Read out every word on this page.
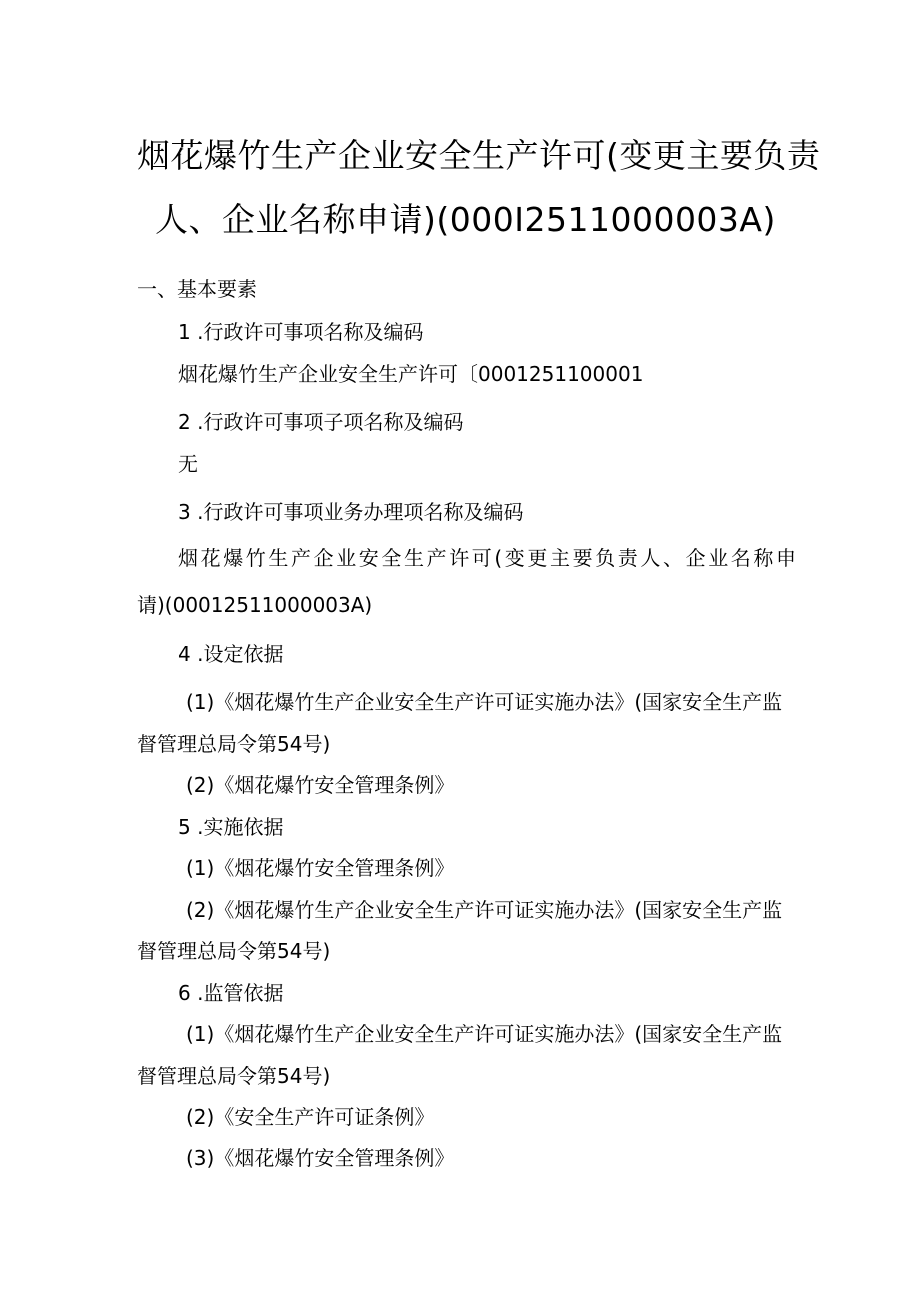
烟花爆竹生产企业安全生产许可(变更主要负责
人、企业名称申请)(000I2511000003A)
一、基本要素
1 .行政许可事项名称及编码
烟花爆竹生产企业安全生产许可〔0001251100001
2 .行政许可事项子项名称及编码
无
3 .行政许可事项业务办理项名称及编码
烟花爆竹生产企业安全生产许可(变更主要负责人、企业名称申
请)(00012511000003A)
4 .设定依据
(1)《烟花爆竹生产企业安全生产许可证实施办法》(国家安全生产监
督管理总局令第54号)
(2)《烟花爆竹安全管理条例》
5 .实施依据
(1)《烟花爆竹安全管理条例》
(2)《烟花爆竹生产企业安全生产许可证实施办法》(国家安全生产监
督管理总局令第54号)
6 .监管依据
(1)《烟花爆竹生产企业安全生产许可证实施办法》(国家安全生产监
督管理总局令第54号)
(2)《安全生产许可证条例》
(3)《烟花爆竹安全管理条例》
